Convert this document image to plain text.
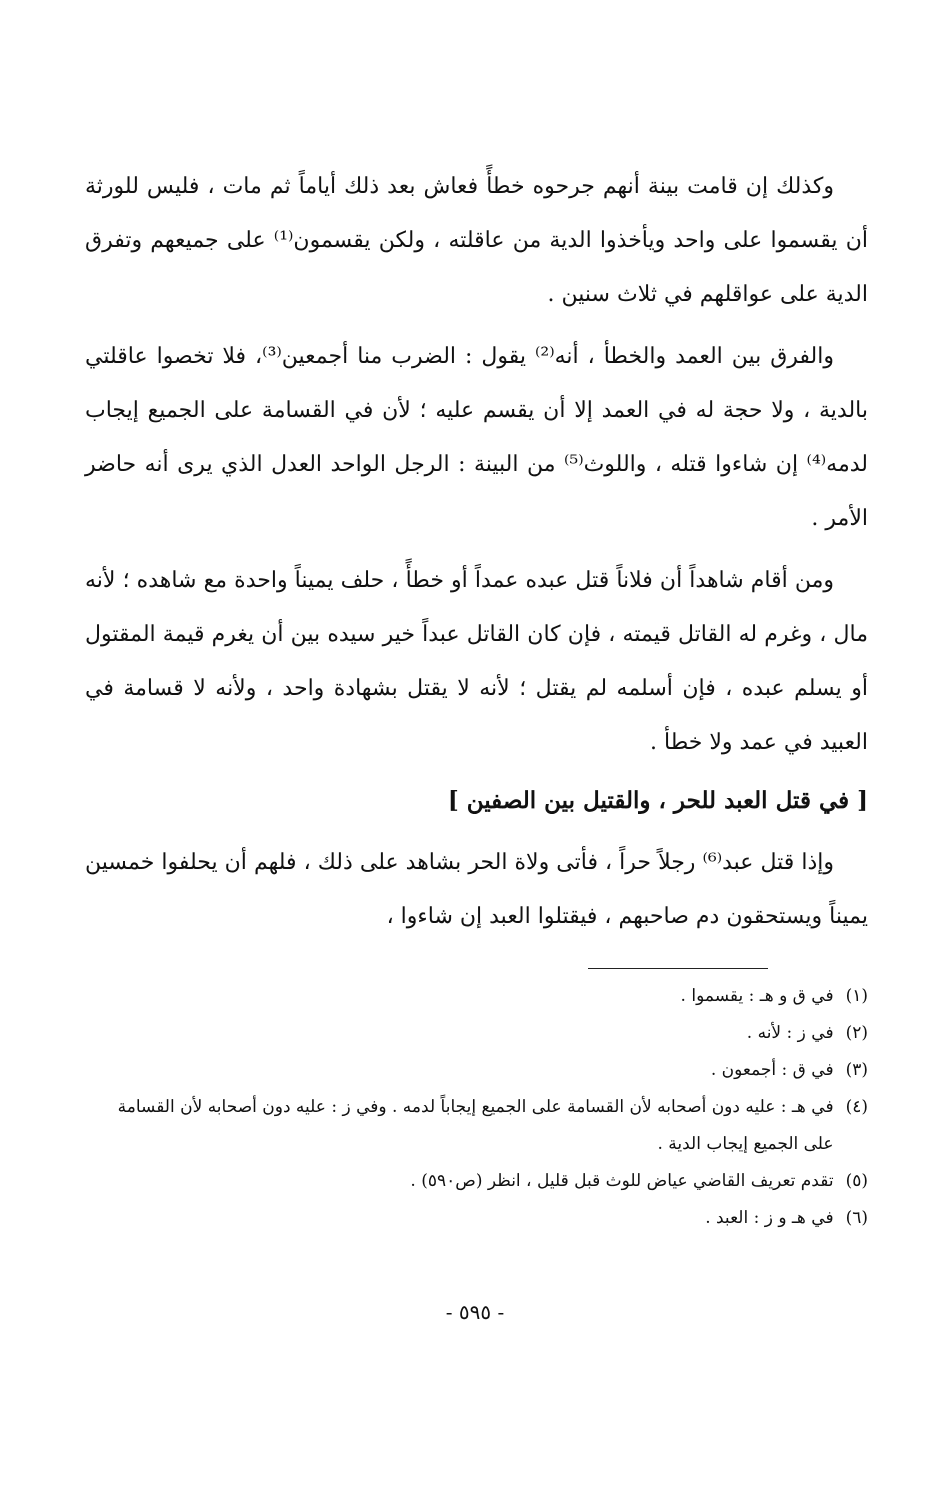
وكذلك إن قامت بينة أنهم جرحوه خطأً فعاش بعد ذلك أياماً ثم مات ، فليس للورثة أن يقسموا على واحد ويأخذوا الدية من عاقلته ، ولكن يقسمون⁽¹⁾ على جميعهم وتفرق الدية على عواقلهم في ثلاث سنين .

والفرق بين العمد والخطأ ، أنه⁽²⁾ يقول : الضرب منا أجمعين⁽³⁾، فلا تخصوا عاقلتي بالدية ، ولا حجة له في العمد إلا أن يقسم عليه ؛ لأن في القسامة على الجميع إيجاب لدمه⁽⁴⁾ إن شاءوا قتله ، واللوث⁽⁵⁾ من البينة : الرجل الواحد العدل الذي يرى أنه حاضر الأمر .

ومن أقام شاهداً أن فلاناً قتل عبده عمداً أو خطأً ، حلف يميناً واحدة مع شاهده ؛ لأنه مال ، وغرم له القاتل قيمته ، فإن كان القاتل عبداً خير سيده بين أن يغرم قيمة المقتول أو يسلم عبده ، فإن أسلمه لم يقتل ؛ لأنه لا يقتل بشهادة واحد ، ولأنه لا قسامة في العبيد في عمد ولا خطأ .

[ في قتل العبد للحر ، والقتيل بين الصفين ]

وإذا قتل عبد⁽⁶⁾ رجلاً حراً ، فأتى ولاة الحر بشاهد على ذلك ، فلهم أن يحلفوا خمسين يميناً ويستحقون دم صاحبهم ، فيقتلوا العبد إن شاءوا ،

(١)
في ق و هـ : يقسموا .
(٢)
في ز : لأنه .
(٣)
في ق : أجمعون .
(٤)
في هـ : عليه دون أصحابه لأن القسامة على الجميع إيجاباً لدمه . وفي ز : عليه دون أصحابه لأن القسامة على الجميع إيجاب الدية .
(٥)
تقدم تعريف القاضي عياض للوث قبل قليل ، انظر (ص٥٩٠) .
(٦)
في هـ و ز : العبد .
- ٥٩٥ -
